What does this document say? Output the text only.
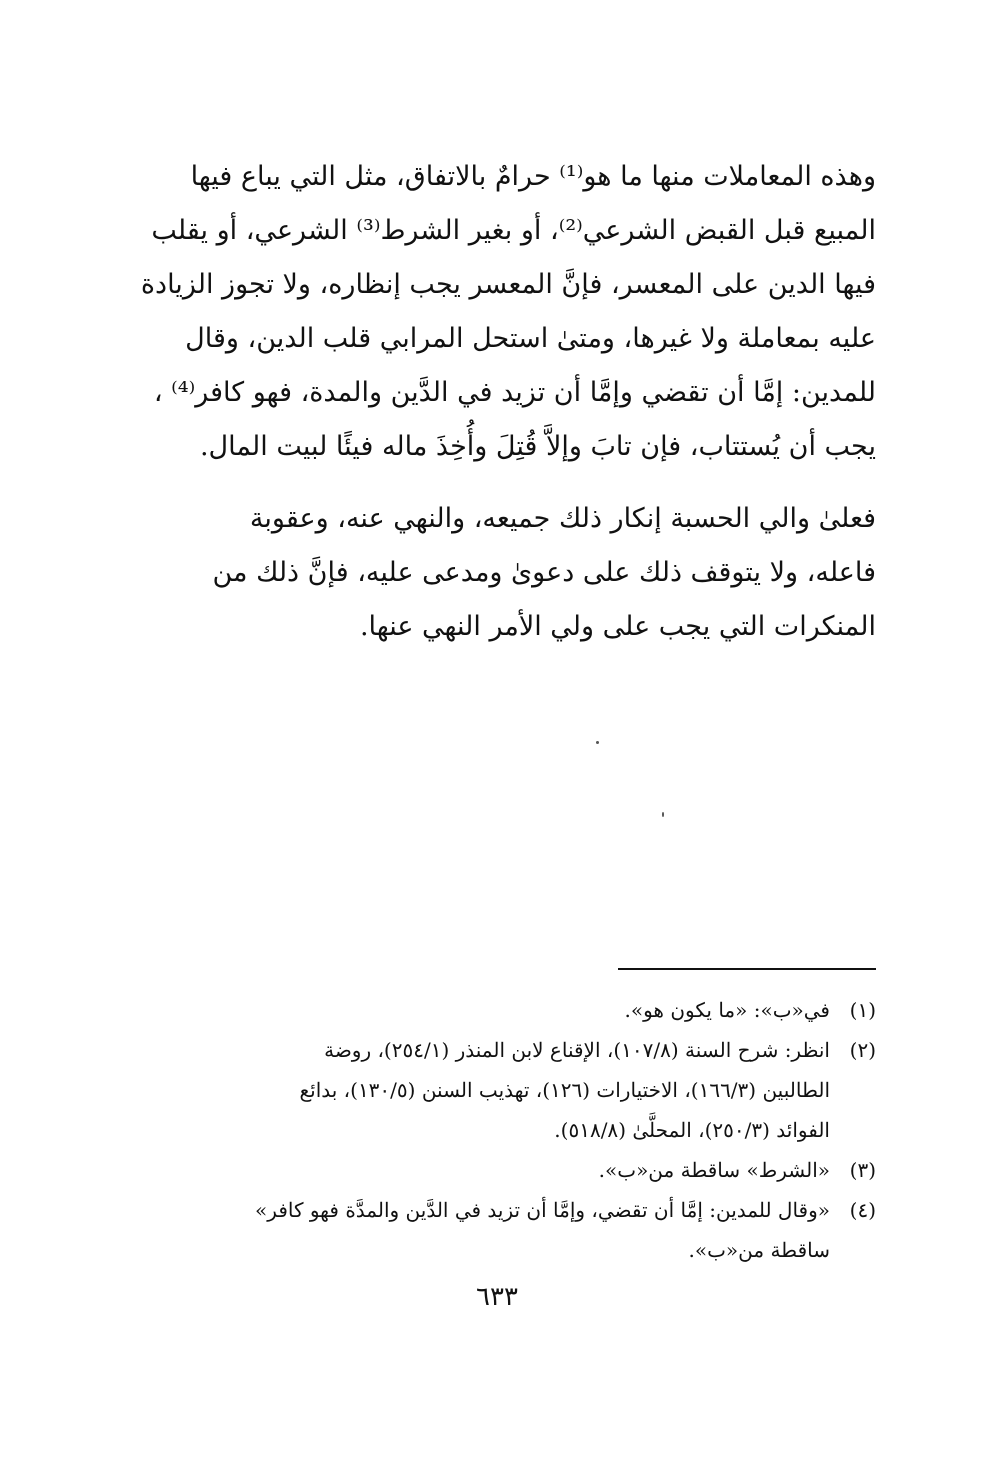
وهذه المعاملات منها ما هو⁽¹⁾ حرامٌ بالاتفاق، مثل التي يباع فيها
المبيع قبل القبض الشرعي⁽²⁾، أو بغير الشرط⁽³⁾ الشرعي، أو يقلب
فيها الدين على المعسر، فإنَّ المعسر يجب إنظاره، ولا تجوز الزيادة
عليه بمعاملة ولا غيرها، ومتىٰ استحل المرابي قلب الدين، وقال
للمدين: إمَّا أن تقضي وإمَّا أن تزيد في الدَّين والمدة، فهو كافر⁽⁴⁾ ،
يجب أن يُستتاب، فإن تابَ وإلاَّ قُتِلَ وأُخِذَ ماله فيئًا لبيت المال.

فعلىٰ والي الحسبة إنكار ذلك جميعه، والنهي عنه، وعقوبة
فاعله، ولا يتوقف ذلك على دعوىٰ ومدعى عليه، فإنَّ ذلك من
المنكرات التي يجب على ولي الأمر النهي عنها.

(١)
في«ب»: «ما يكون هو».
(٢)
انظر: شرح السنة (١٠٧/٨)، الإقناع لابن المنذر (٢٥٤/١)، روضة
الطالبين (١٦٦/٣)، الاختيارات (١٢٦)، تهذيب السنن (١٣٠/٥)، بدائع
الفوائد (٢٥٠/٣)، المحلَّىٰ (٥١٨/٨).
(٣)
«الشرط» ساقطة من«ب».
(٤)
«وقال للمدين: إمَّا أن تقضي، وإمَّا أن تزيد في الدَّين والمدَّة فهو كافر»
ساقطة من«ب».
٦٣٣
